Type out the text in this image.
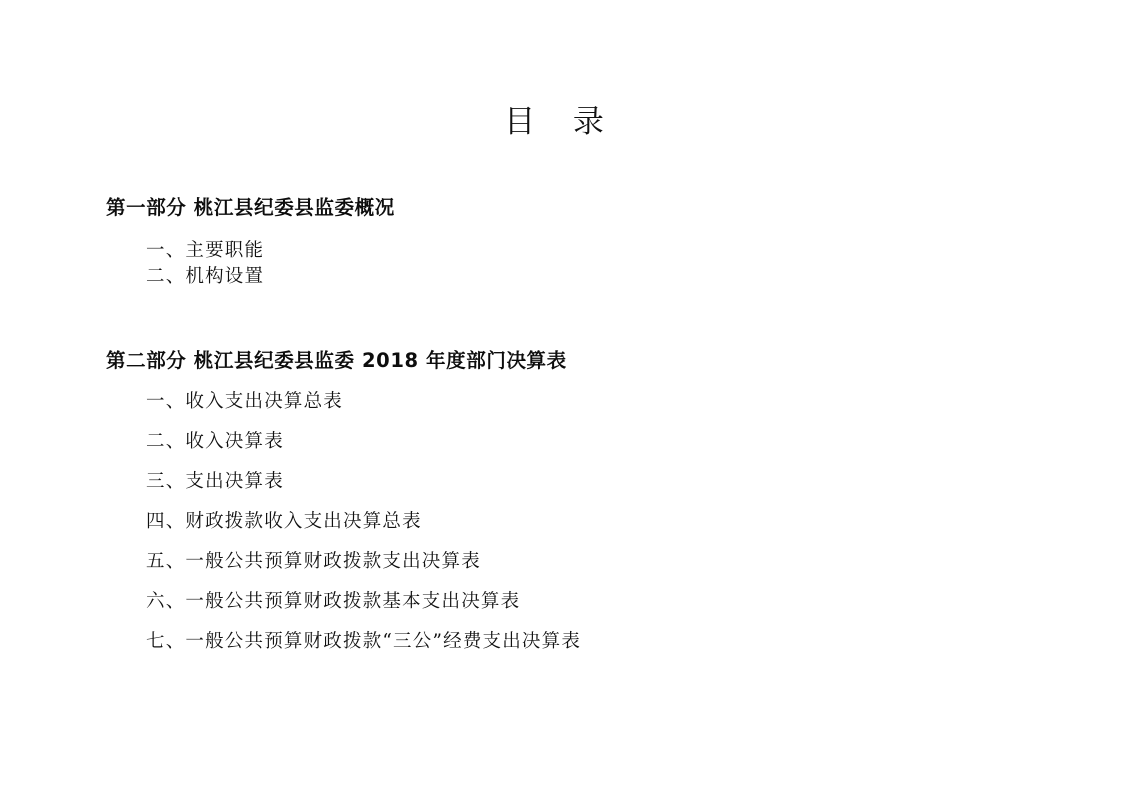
目 录
第一部分 桃江县纪委县监委概况
一、主要职能
二、机构设置
第二部分 桃江县纪委县监委 2018 年度部门决算表
一、收入支出决算总表
二、收入决算表
三、支出决算表
四、财政拨款收入支出决算总表
五、一般公共预算财政拨款支出决算表
六、一般公共预算财政拨款基本支出决算表
七、一般公共预算财政拨款“三公”经费支出决算表
